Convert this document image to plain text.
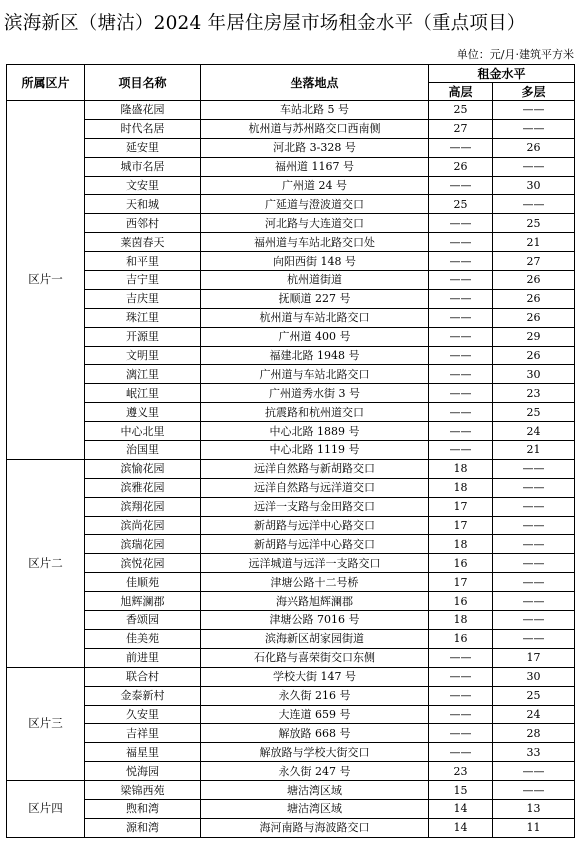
滨海新区（塘沽）2024 年居住房屋市场租金水平（重点项目）
单位：元/月·建筑平方米
所属区片	项目名称	坐落地点	租金水平	
			高层	多层
区片一	隆盛花园	车站北路 5 号	25	——
	时代名居	杭州道与苏州路交口西南侧	27	——
	延安里	河北路 3-328 号	——	26
	城市名居	福州道 1167 号	26	——
	文安里	广州道 24 号	——	30
	天和城	广延道与澄波道交口	25	——
	西邻村	河北路与大连道交口	——	25
	莱茵春天	福州道与车站北路交口处	——	21
	和平里	向阳西街 148 号	——	27
	吉宁里	杭州道街道	——	26
	吉庆里	抚顺道 227 号	——	26
	珠江里	杭州道与车站北路交口	——	26
	开源里	广州道 400 号	——	29
	文明里	福建北路 1948 号	——	26
	漓江里	广州道与车站北路交口	——	30
	岷江里	广州道秀水街 3 号	——	23
	遵义里	抗震路和杭州道交口	——	25
	中心北里	中心北路 1889 号	——	24
	治国里	中心北路 1119 号	——	21
区片二	滨愉花园	远洋自然路与新胡路交口	18	——
	滨雅花园	远洋自然路与远洋道交口	18	——
	滨翔花园	远洋一支路与金田路交口	17	——
	滨尚花园	新胡路与远洋中心路交口	17	——
	滨瑞花园	新胡路与远洋中心路交口	18	——
	滨悦花园	远洋城道与远洋一支路交口	16	——
	佳顺苑	津塘公路十二号桥	17	——
	旭辉澜郡	海兴路旭辉澜郡	16	——
	香颂园	津塘公路 7016 号	18	——
	佳美苑	滨海新区胡家园街道	16	——
	前进里	石化路与喜荣街交口东侧	——	17
区片三	联合村	学校大街 147 号	——	30
	金泰新村	永久街 216 号	——	25
	久安里	大连道 659 号	——	24
	吉祥里	解放路 668 号	——	28
	福星里	解放路与学校大街交口	——	33
	悦海园	永久街 247 号	23	——
区片四	梁锦西苑	塘沽湾区域	15	——
	煦和湾	塘沽湾区域	14	13
	源和湾	海河南路与海波路交口	14	11
